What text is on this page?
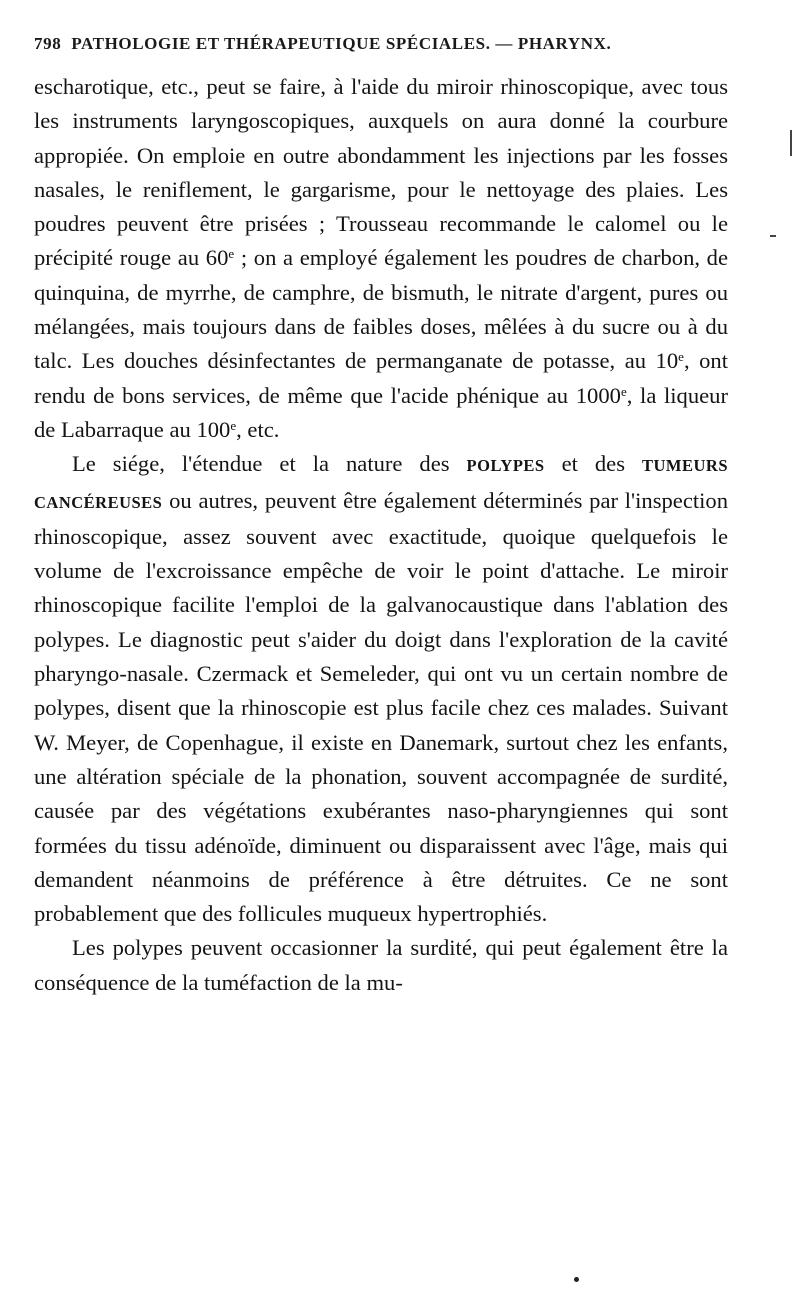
798 PATHOLOGIE ET THÉRAPEUTIQUE SPÉCIALES. — PHARYNX.

escharotique, etc., peut se faire, à l'aide du miroir rhinoscopique, avec tous les instruments laryngoscopiques, auxquels on aura donné la courbure appropiée. On emploie en outre abondamment les injections par les fosses nasales, le reniflement, le gargarisme, pour le nettoyage des plaies. Les poudres peuvent être prisées ; Trousseau recommande le calomel ou le précipité rouge au 60e ; on a employé également les poudres de charbon, de quinquina, de myrrhe, de camphre, de bismuth, le nitrate d'argent, pures ou mélangées, mais toujours dans de faibles doses, mêlées à du sucre ou à du talc. Les douches désinfectantes de permanganate de potasse, au 10e, ont rendu de bons services, de même que l'acide phénique au 1000e, la liqueur de Labarraque au 100e, etc.

Le siége, l'étendue et la nature des POLYPES et des TUMEURS CANCÉREUSES ou autres, peuvent être également déterminés par l'inspection rhinoscopique, assez souvent avec exactitude, quoique quelquefois le volume de l'excroissance empêche de voir le point d'attache. Le miroir rhinoscopique facilite l'emploi de la galvanocaustique dans l'ablation des polypes. Le diagnostic peut s'aider du doigt dans l'exploration de la cavité pharyngo-nasale. Czermack et Semeleder, qui ont vu un certain nombre de polypes, disent que la rhinoscopie est plus facile chez ces malades. Suivant W. Meyer, de Copenhague, il existe en Danemark, surtout chez les enfants, une altération spéciale de la phonation, souvent accompagnée de surdité, causée par des végétations exubérantes naso-pharyngiennes qui sont formées du tissu adénoïde, diminuent ou disparaissent avec l'âge, mais qui demandent néanmoins de préférence à être détruites. Ce ne sont probablement que des follicules muqueux hypertrophiés.

Les polypes peuvent occasionner la surdité, qui peut également être la conséquence de la tuméfaction de la mu-
